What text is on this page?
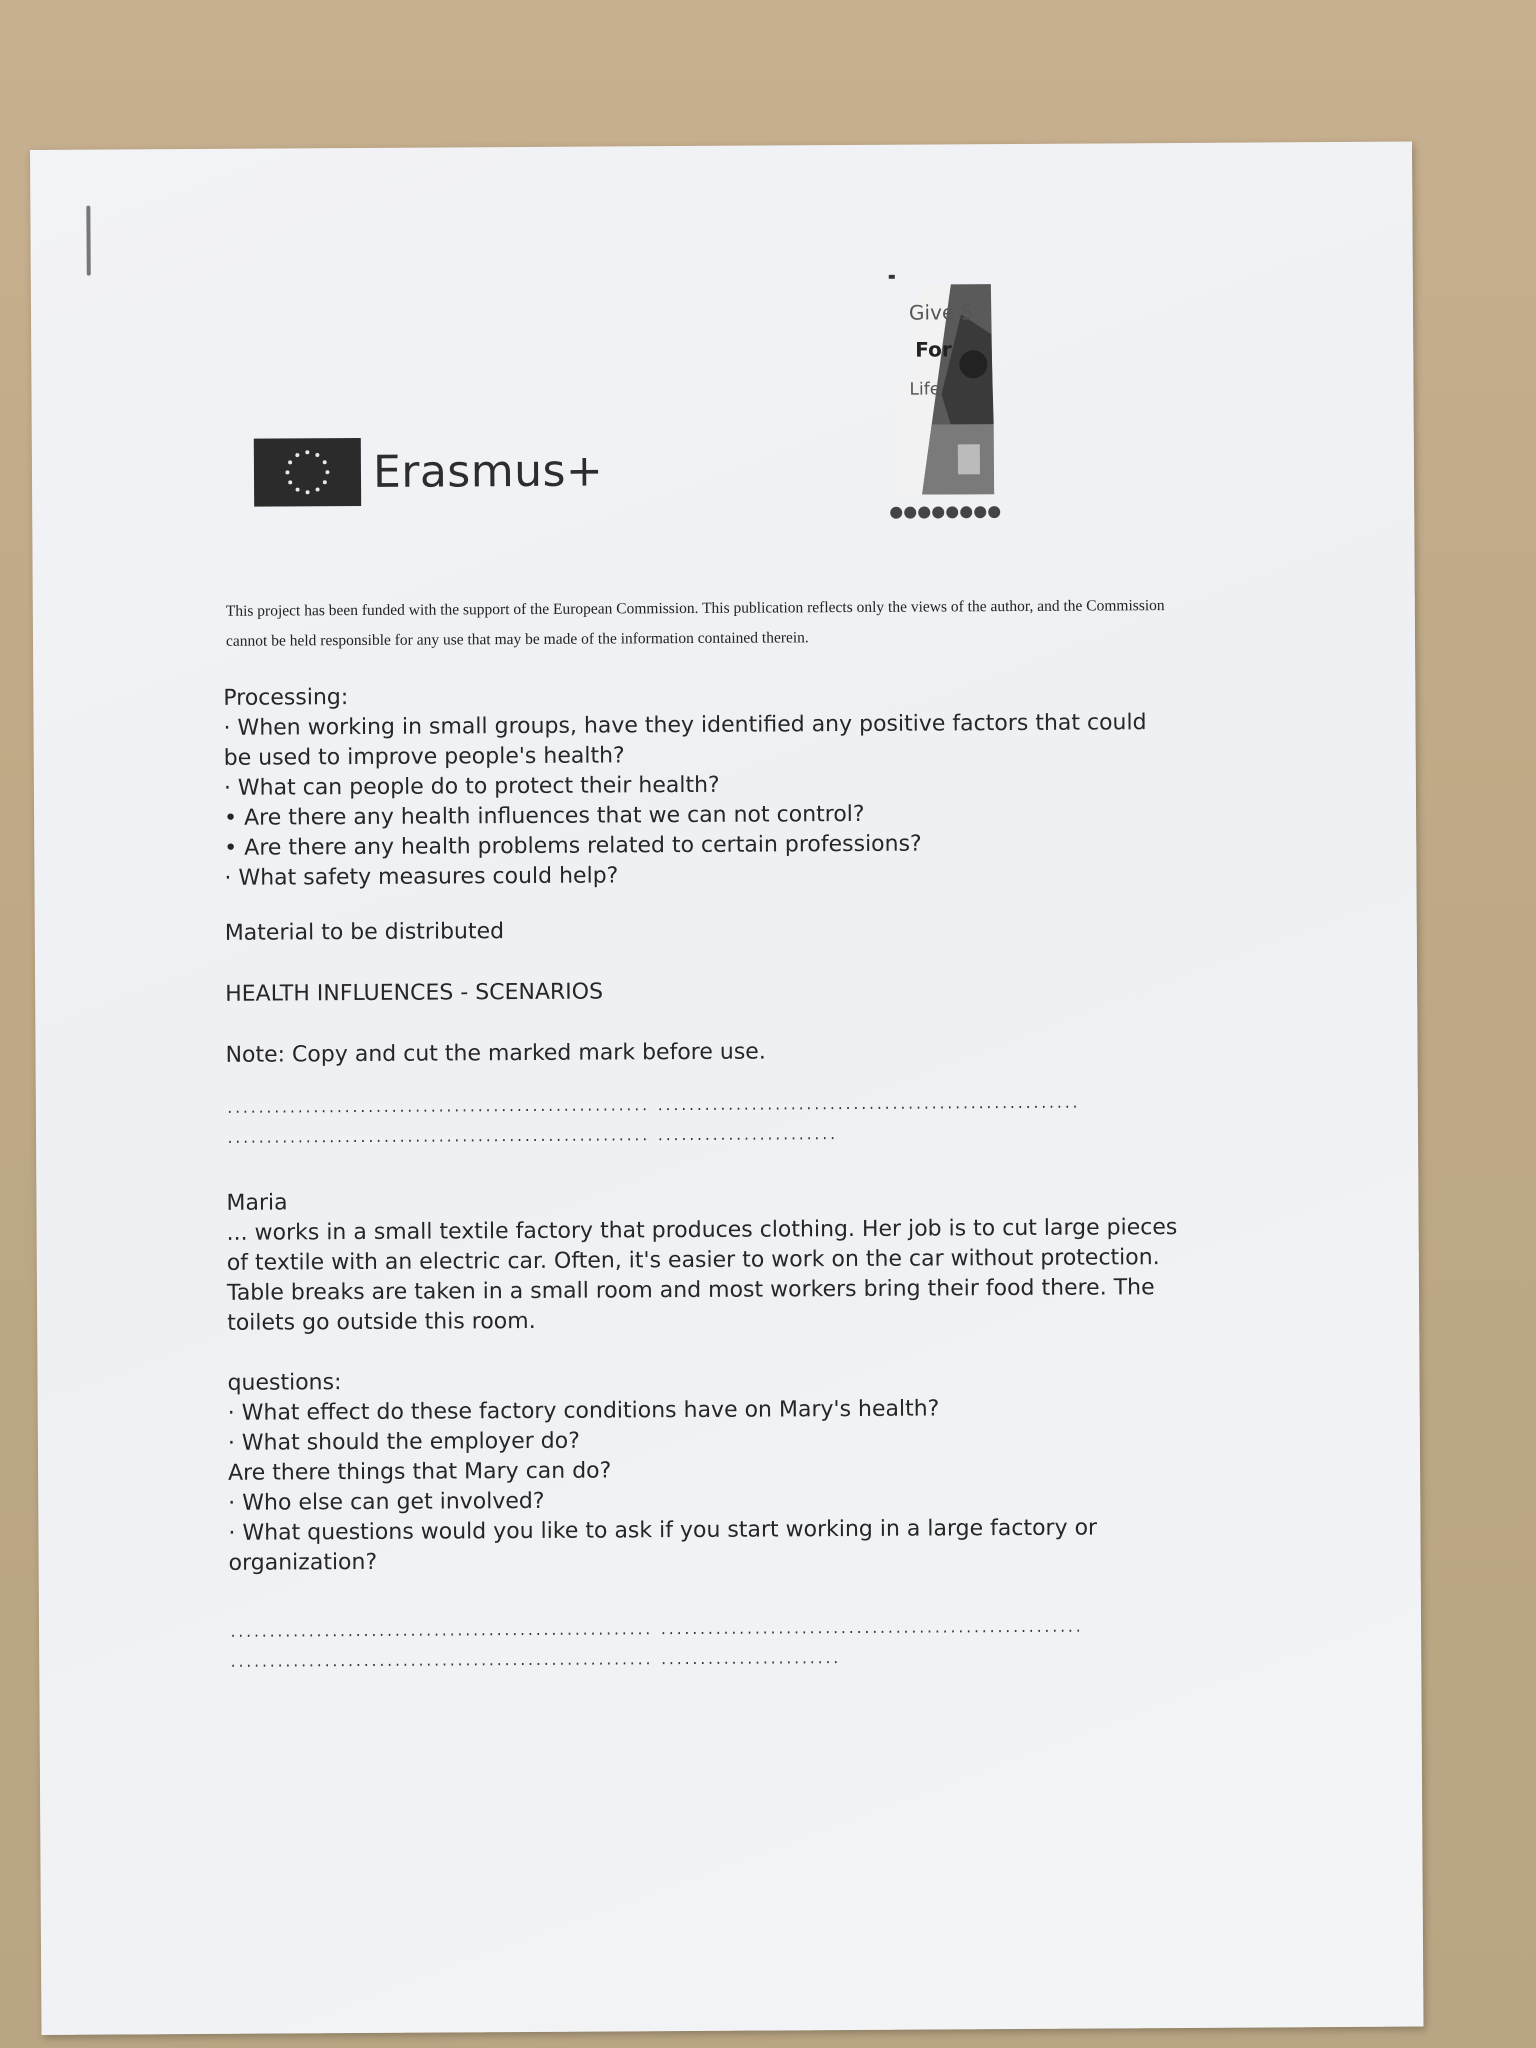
Erasmus+
Give 5
For
Life
This project has been funded with the support of the European Commission. This publication reflects only the views of the author, and the Commission cannot be held responsible for any use that may be made of the information contained therein.

Processing:

· When working in small groups, have they identified any positive factors that could be used to improve people's health?

· What can people do to protect their health?

• Are there any health influences that we can not control?

• Are there any health problems related to certain professions?

· What safety measures could help?

Material to be distributed
HEALTH INFLUENCES - SCENARIOS
Note: Copy and cut the marked mark before use.
...................................................... ......................................................
...................................................... .......................

Maria

... works in a small textile factory that produces clothing. Her job is to cut large pieces of textile with an electric car. Often, it's easier to work on the car without protection. Table breaks are taken in a small room and most workers bring their food there. The toilets go outside this room.

questions:

· What effect do these factory conditions have on Mary's health?

· What should the employer do?

Are there things that Mary can do?

· Who else can get involved?

· What questions would you like to ask if you start working in a large factory or organization?

...................................................... ......................................................
...................................................... .......................
